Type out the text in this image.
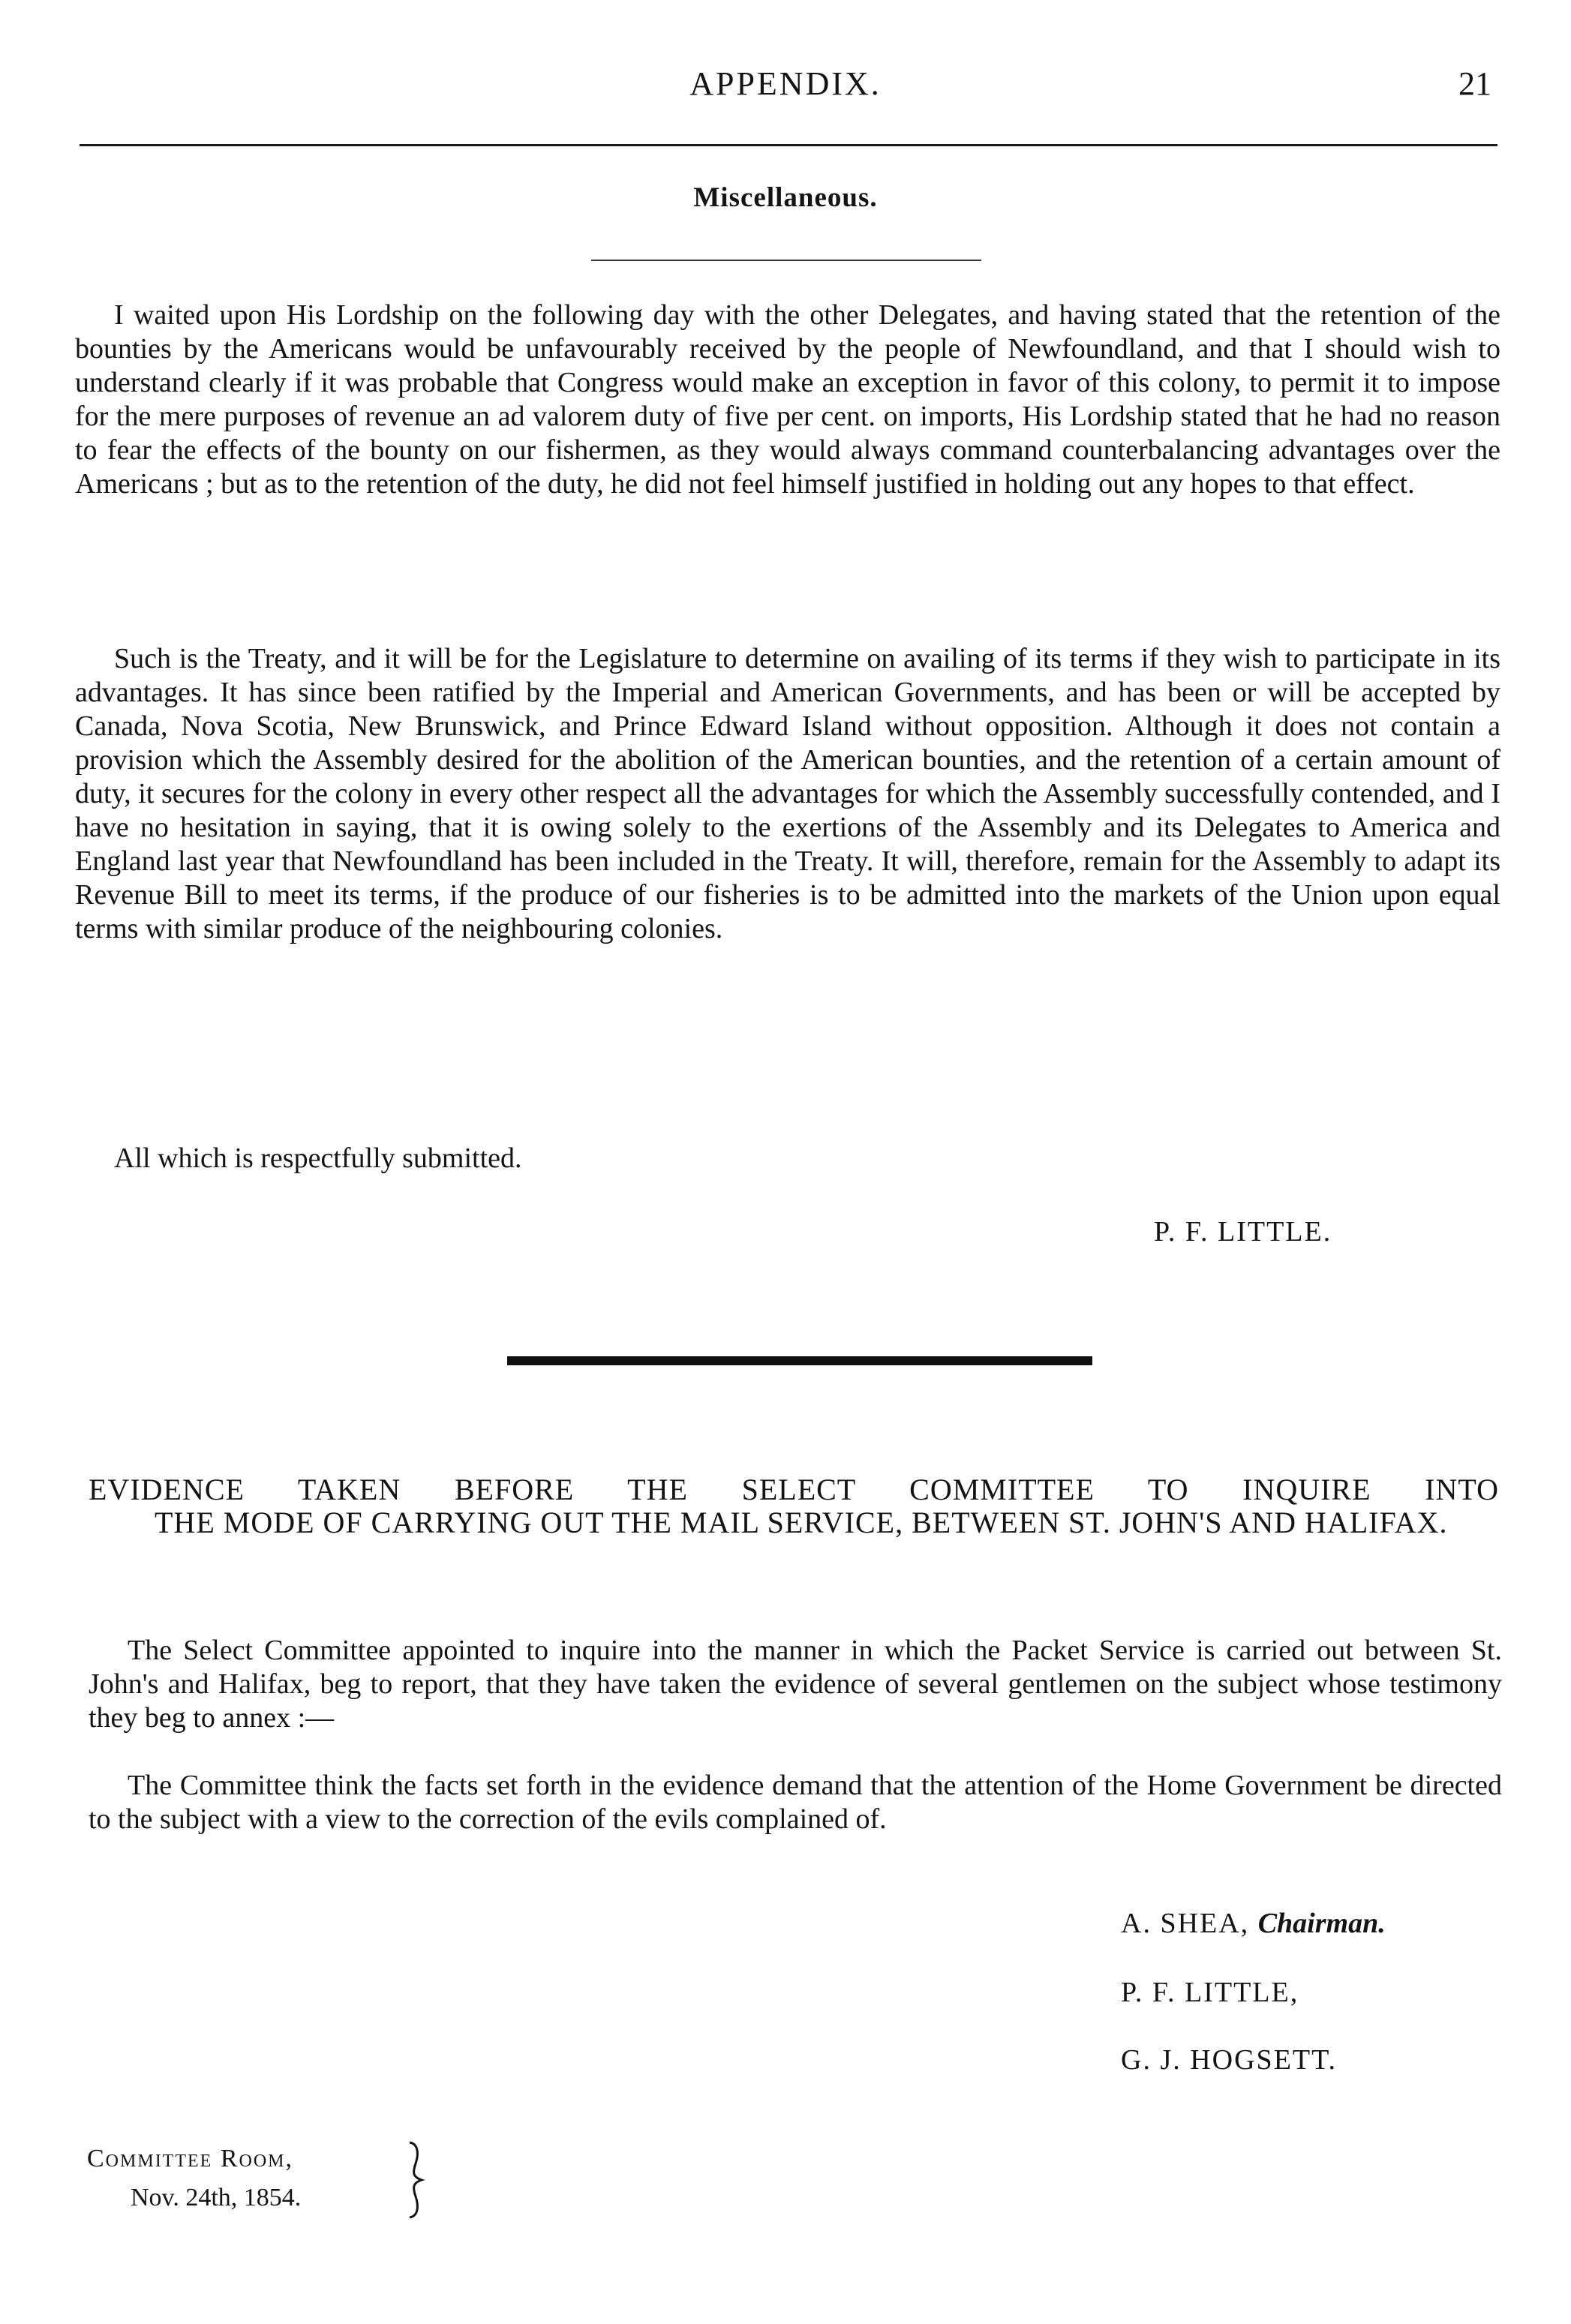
APPENDIX.	21
Miscellaneous.

I waited upon His Lordship on the following day with the other Delegates, and having stated that the retention of the bounties by the Americans would be unfavourably received by the people of Newfoundland, and that I should wish to understand clearly if it was probable that Congress would make an exception in favor of this colony, to permit it to impose for the mere purposes of revenue an ad valorem duty of five per cent. on imports, His Lordship stated that he had no reason to fear the effects of the bounty on our fishermen, as they would always command counterbalancing advantages over the Americans ; but as to the retention of the duty, he did not feel himself justified in holding out any hopes to that effect.

Such is the Treaty, and it will be for the Legislature to determine on availing of its terms if they wish to participate in its advantages. It has since been ratified by the Imperial and American Governments, and has been or will be accepted by Canada, Nova Scotia, New Brunswick, and Prince Edward Island without opposition. Although it does not contain a provision which the Assembly desired for the abolition of the American bounties, and the retention of a certain amount of duty, it secures for the colony in every other respect all the advantages for which the Assembly successfully contended, and I have no hesitation in saying, that it is owing solely to the exertions of the Assembly and its Delegates to America and England last year that Newfoundland has been included in the Treaty. It will, therefore, remain for the Assembly to adapt its Revenue Bill to meet its terms, if the produce of our fisheries is to be admitted into the markets of the Union upon equal terms with similar produce of the neighbouring colonies.

All which is respectfully submitted.

P. F. LITTLE.
EVIDENCE TAKEN BEFORE THE SELECT COMMITTEE TO INQUIRE INTO
THE MODE OF CARRYING OUT THE MAIL SERVICE, BETWEEN ST. JOHN'S AND HALIFAX.

The Select Committee appointed to inquire into the manner in which the Packet Service is carried out between St. John's and Halifax, beg to report, that they have taken the evidence of several gentlemen on the subject whose testimony they beg to annex :—

The Committee think the facts set forth in the evidence demand that the attention of the Home Government be directed to the subject with a view to the correction of the evils complained of.

A. SHEA, Chairman.
P. F. LITTLE,
G. J. HOGSETT.
Committee Room,
Nov. 24th, 1854.
